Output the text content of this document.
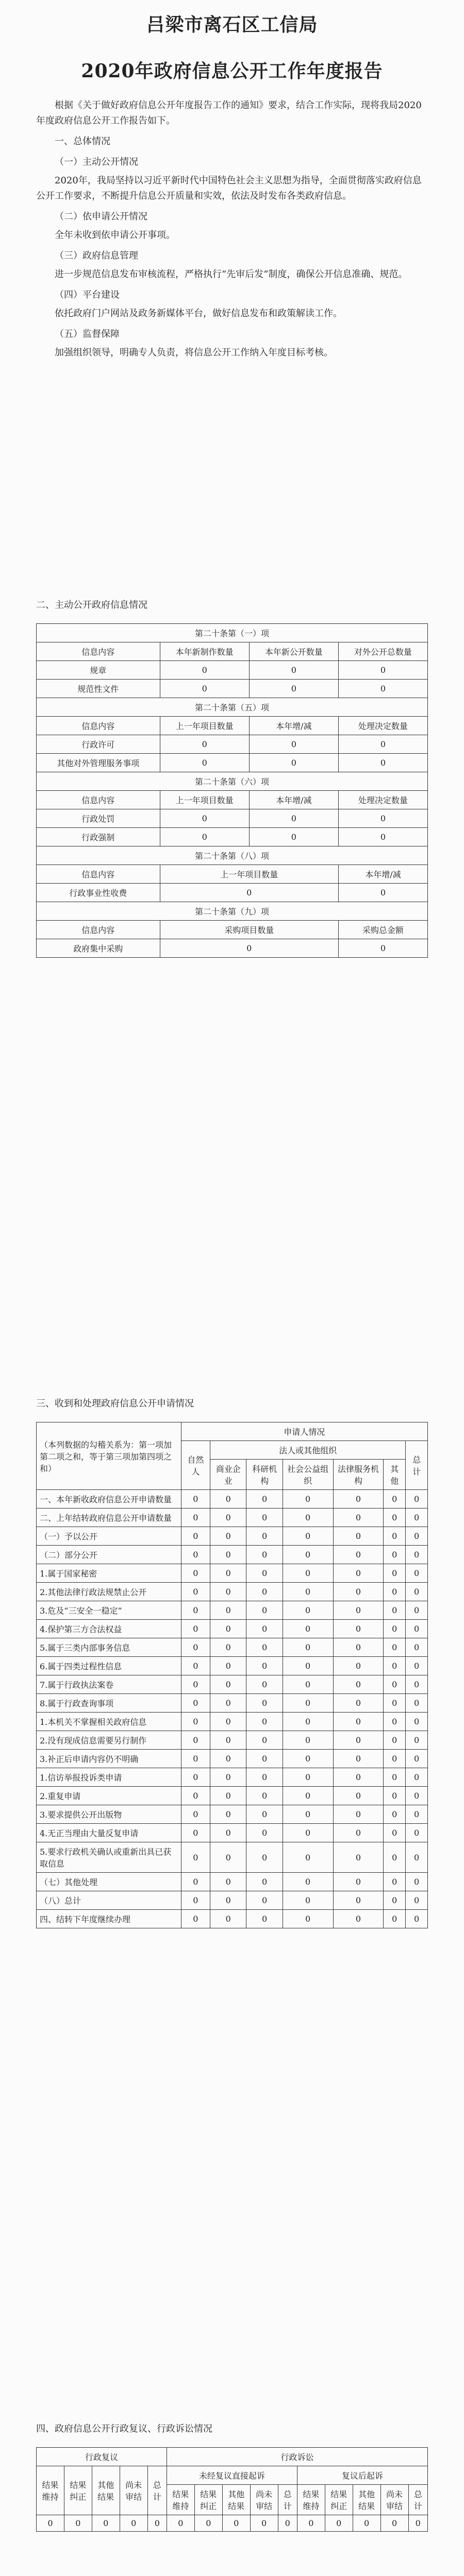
吕梁市离石区工信局
2020年政府信息公开工作年度报告

根据《关于做好政府信息公开年度报告工作的通知》要求，结合工作实际，现将我局2020年度政府信息公开工作报告如下。

一、总体情况

（一）主动公开情况

2020年，我局坚持以习近平新时代中国特色社会主义思想为指导，全面贯彻落实政府信息公开工作要求，不断提升信息公开质量和实效，依法及时发布各类政府信息。

（二）依申请公开情况

全年未收到依申请公开事项。

（三）政府信息管理

进一步规范信息发布审核流程，严格执行“先审后发”制度，确保公开信息准确、规范。

（四）平台建设

依托政府门户网站及政务新媒体平台，做好信息发布和政策解读工作。

（五）监督保障

加强组织领导，明确专人负责，将信息公开工作纳入年度目标考核。

二、主动公开政府信息情况
第二十条第（一）项			
信息内容	本年新制作数量	本年新公开数量	对外公开总数量
规章	0	0	0
规范性文件	0	0	0
第二十条第（五）项			
信息内容	上一年项目数量	本年增/减	处理决定数量
行政许可	0	0	0
其他对外管理服务事项	0	0	0
第二十条第（六）项			
信息内容	上一年项目数量	本年增/减	处理决定数量
行政处罚	0	0	0
行政强制	0	0	0
第二十条第（八）项			
信息内容	上一年项目数量		本年增/减
行政事业性收费	0		0
第二十条第（九）项			
信息内容	采购项目数量		采购总金额
政府集中采购	0		0
三、收到和处理政府信息公开申请情况
（本列数据的勾稽关系为：第一项加第二项之和，等于第三项加第四项之和）	申请人情况						
	自然人	法人或其他组织					总计
		商业企业	科研机构	社会公益组织	法律服务机构	其他	
一、本年新收政府信息公开申请数量	0	0	0	0	0	0	0
二、上年结转政府信息公开申请数量	0	0	0	0	0	0	0
（一）予以公开	0	0	0	0	0	0	0
（二）部分公开	0	0	0	0	0	0	0
1.属于国家秘密	0	0	0	0	0	0	0
2.其他法律行政法规禁止公开	0	0	0	0	0	0	0
3.危及“三安全一稳定”	0	0	0	0	0	0	0
4.保护第三方合法权益	0	0	0	0	0	0	0
5.属于三类内部事务信息	0	0	0	0	0	0	0
6.属于四类过程性信息	0	0	0	0	0	0	0
7.属于行政执法案卷	0	0	0	0	0	0	0
8.属于行政查询事项	0	0	0	0	0	0	0
1.本机关不掌握相关政府信息	0	0	0	0	0	0	0
2.没有现成信息需要另行制作	0	0	0	0	0	0	0
3.补正后申请内容仍不明确	0	0	0	0	0	0	0
1.信访举报投诉类申请	0	0	0	0	0	0	0
2.重复申请	0	0	0	0	0	0	0
3.要求提供公开出版物	0	0	0	0	0	0	0
4.无正当理由大量反复申请	0	0	0	0	0	0	0
5.要求行政机关确认或重新出具已获取信息	0	0	0	0	0	0	0
（七）其他处理	0	0	0	0	0	0	0
（八）总计	0	0	0	0	0	0	0
四、结转下年度继续办理	0	0	0	0	0	0	0
四、政府信息公开行政复议、行政诉讼情况
行政复议					行政诉讼									
结果维持	结果纠正	其他结果	尚未审结	总计	未经复议直接起诉					复议后起诉				
					结果维持	结果纠正	其他结果	尚未审结	总计	结果维持	结果纠正	其他结果	尚未审结	总计
0	0	0	0	0	0	0	0	0	0	0	0	0	0	0
